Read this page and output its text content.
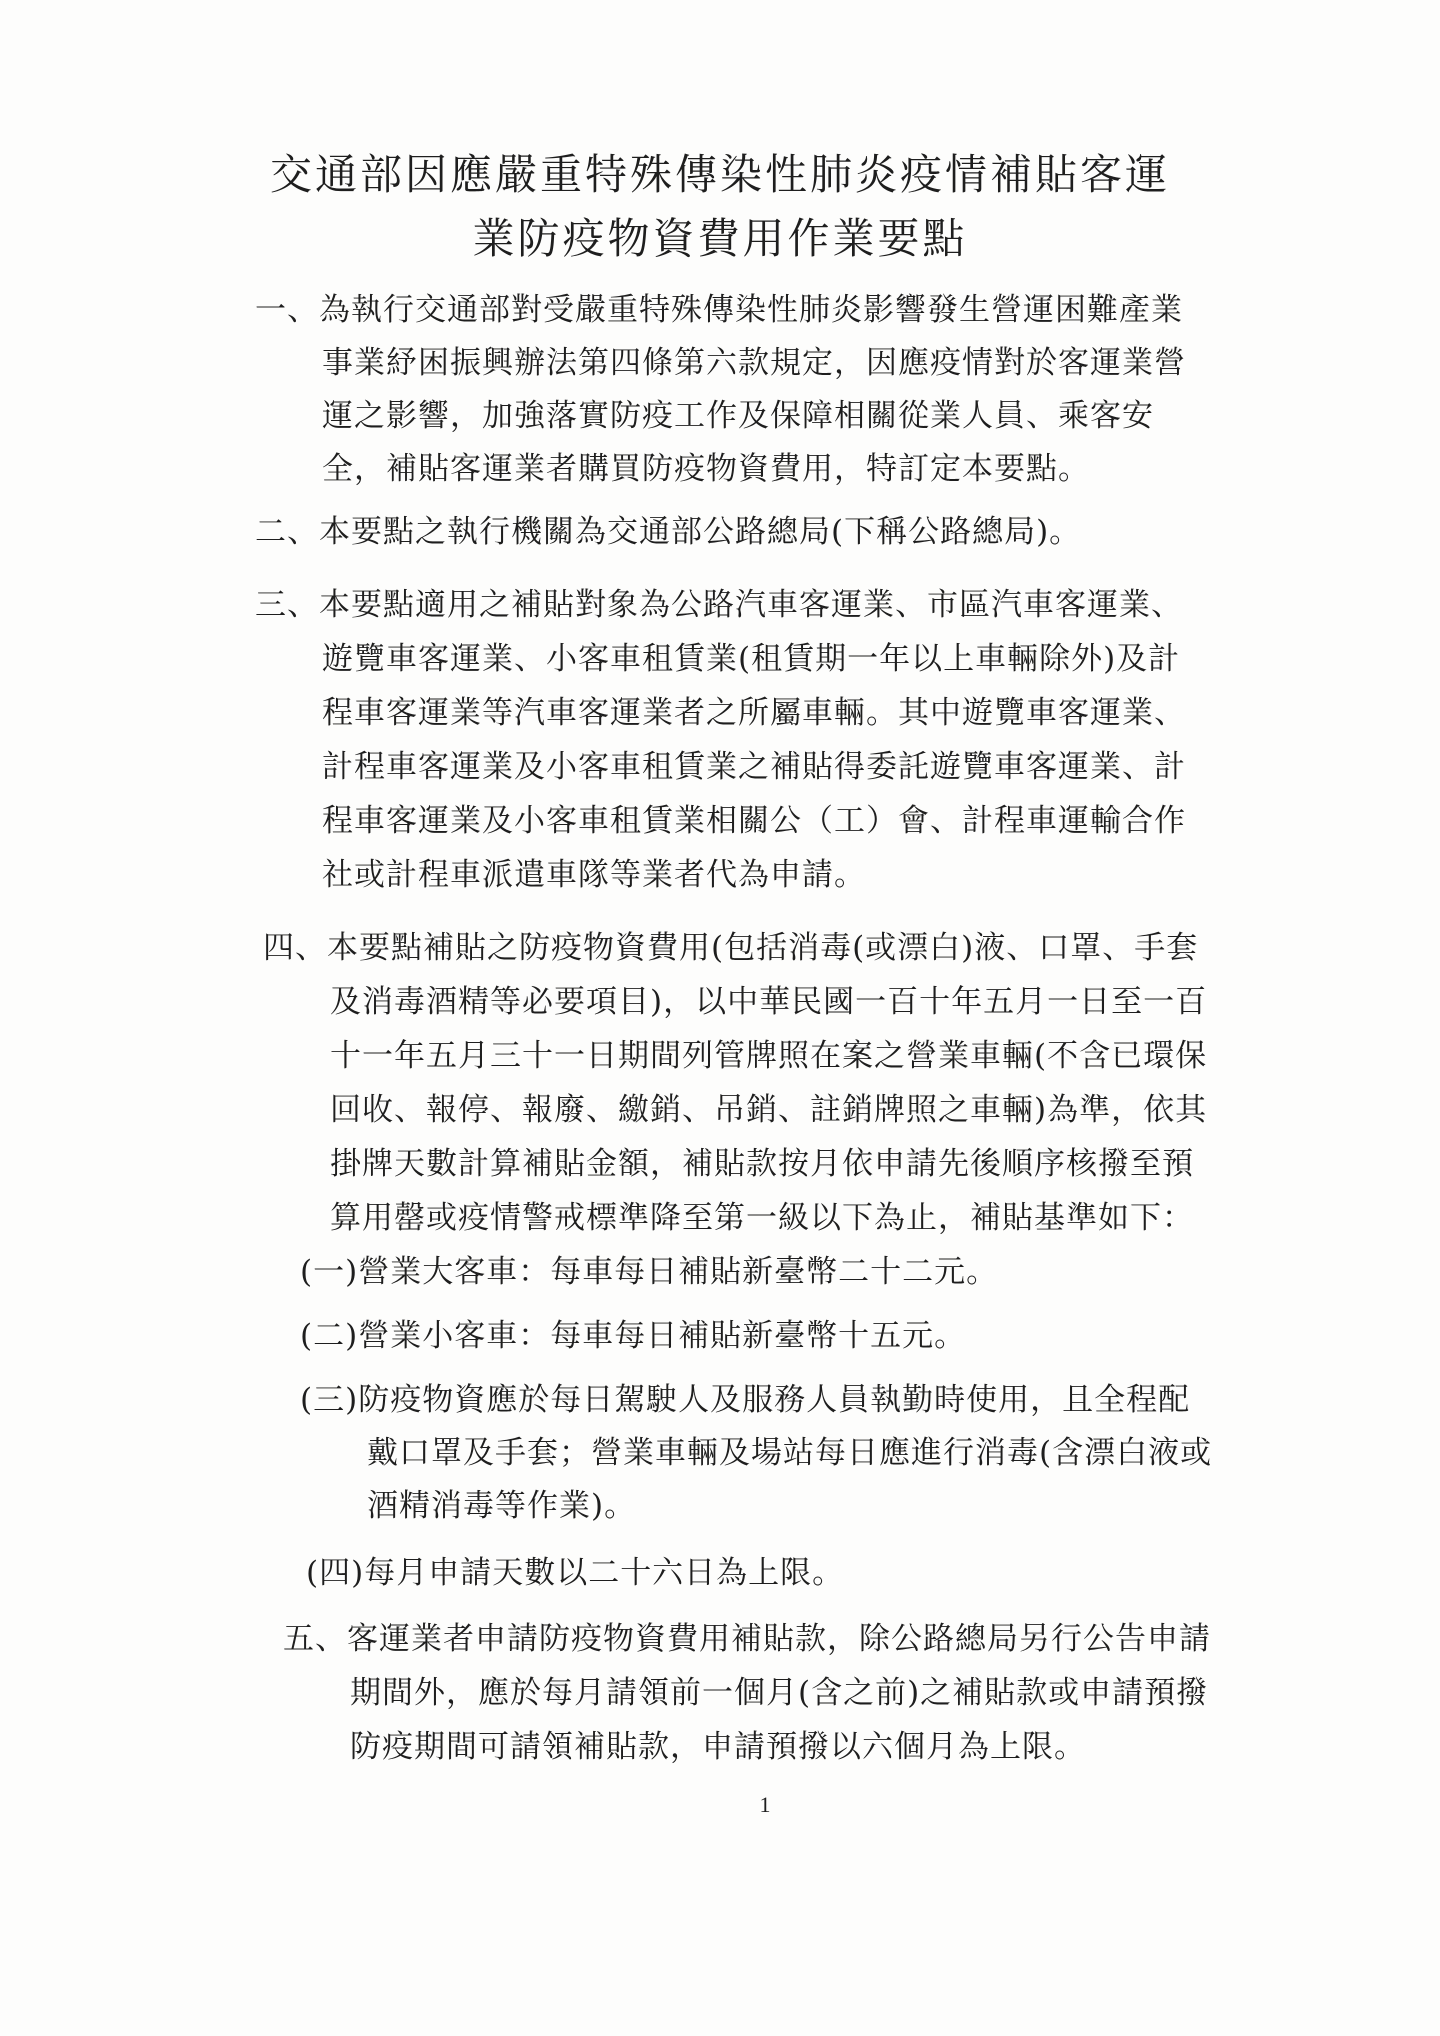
交通部因應嚴重特殊傳染性肺炎疫情補貼客運
業防疫物資費用作業要點
一、為執行交通部對受嚴重特殊傳染性肺炎影響發生營運困難產業
事業紓困振興辦法第四條第六款規定，因應疫情對於客運業營
運之影響，加強落實防疫工作及保障相關從業人員、乘客安
全，補貼客運業者購買防疫物資費用，特訂定本要點。
二、本要點之執行機關為交通部公路總局(下稱公路總局)。
三、本要點適用之補貼對象為公路汽車客運業、市區汽車客運業、
遊覽車客運業、小客車租賃業(租賃期一年以上車輛除外)及計
程車客運業等汽車客運業者之所屬車輛。其中遊覽車客運業、
計程車客運業及小客車租賃業之補貼得委託遊覽車客運業、計
程車客運業及小客車租賃業相關公（工）會、計程車運輸合作
社或計程車派遣車隊等業者代為申請。
四、本要點補貼之防疫物資費用(包括消毒(或漂白)液、口罩、手套
及消毒酒精等必要項目)，以中華民國一百十年五月一日至一百
十一年五月三十一日期間列管牌照在案之營業車輛(不含已環保
回收、報停、報廢、繳銷、吊銷、註銷牌照之車輛)為準，依其
掛牌天數計算補貼金額，補貼款按月依申請先後順序核撥至預
算用罄或疫情警戒標準降至第一級以下為止，補貼基準如下：
(一)營業大客車：每車每日補貼新臺幣二十二元。
(二)營業小客車：每車每日補貼新臺幣十五元。
(三)防疫物資應於每日駕駛人及服務人員執勤時使用，且全程配
戴口罩及手套；營業車輛及場站每日應進行消毒(含漂白液或
酒精消毒等作業)。
(四)每月申請天數以二十六日為上限。
五、客運業者申請防疫物資費用補貼款，除公路總局另行公告申請
期間外，應於每月請領前一個月(含之前)之補貼款或申請預撥
防疫期間可請領補貼款，申請預撥以六個月為上限。
1
